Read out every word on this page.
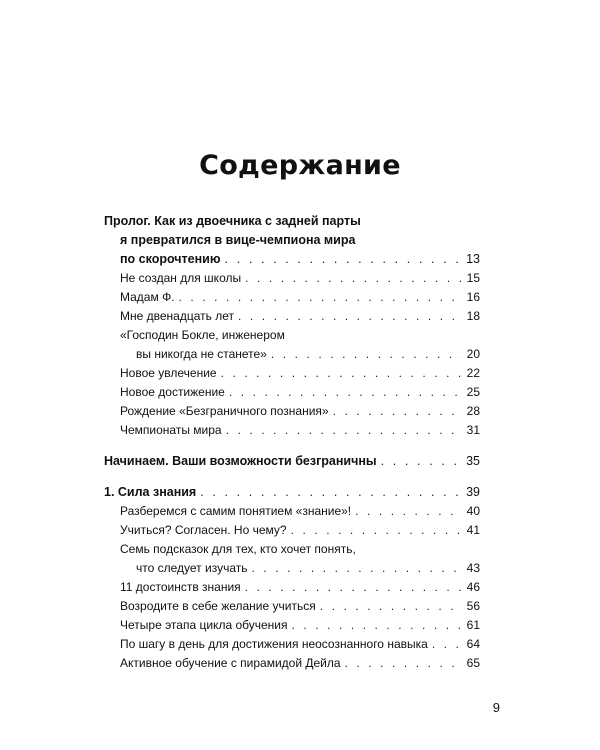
Содержание
Пролог. Как из двоечника с задней парты
я превратился в вице-чемпиона мира
по скорочтению . . .	13
Не создан для школы . . .	15
Мадам Ф. . . .	16
Мне двенадцать лет . . .	18
«Господин Бокле, инженером
вы никогда не станете» . . .	20
Новое увлечение . . .	22
Новое достижение . . .	25
Рождение «Безграничного познания» . . .	28
Чемпионаты мира . . .	31
Начинаем. Ваши возможности безграничны . . .	35
1. Сила знания . . .	39
Разберемся с самим понятием «знание»! . . .	40
Учиться? Согласен. Но чему? . . .	41
Семь подсказок для тех, кто хочет понять,
что следует изучать . . .	43
11 достоинств знания . . .	46
Возродите в себе желание учиться . . .	56
Четыре этапа цикла обучения . . .	61
По шагу в день для достижения неосознанного навыка . . .	64
Активное обучение с пирамидой Дейла . . .	65
9
